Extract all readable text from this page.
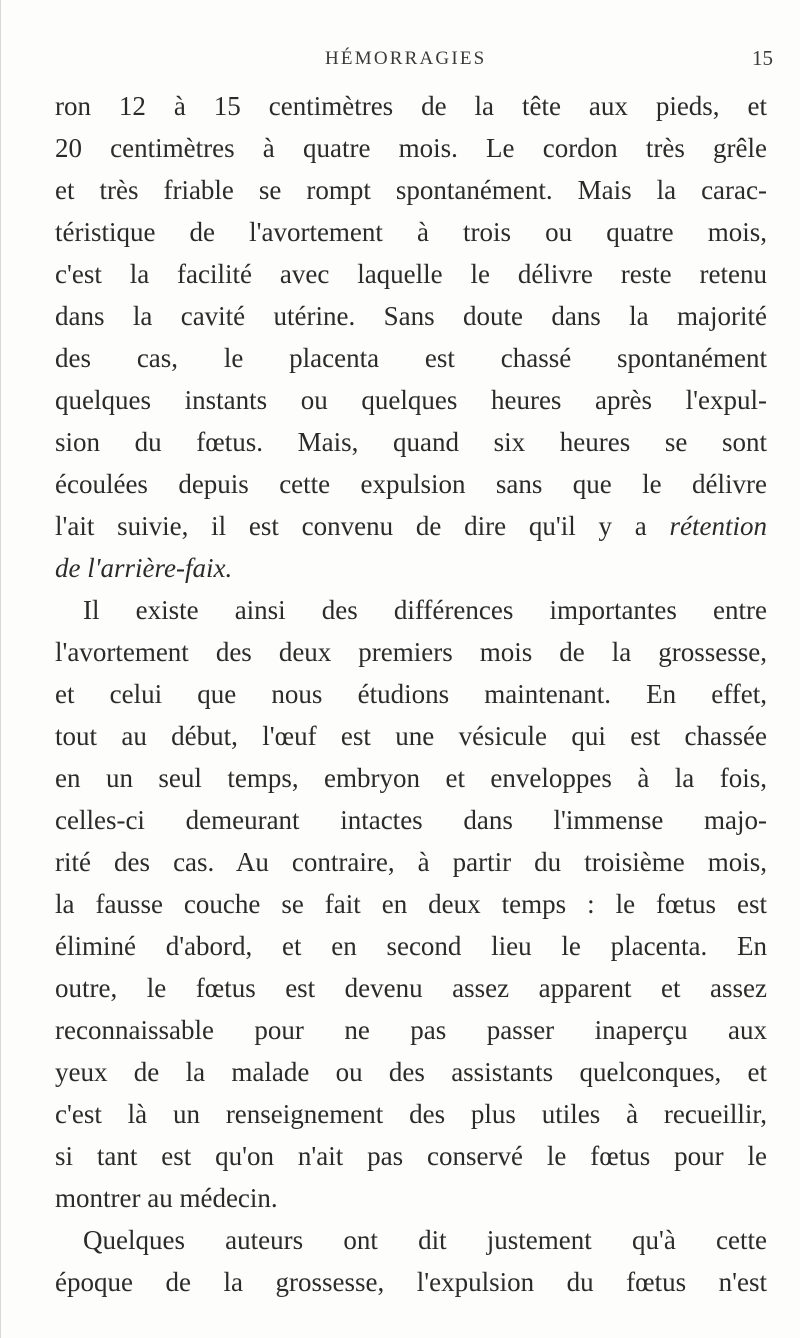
HÉMORRAGIES	15
ron 12 à 15 centimètres de la tête aux pieds, et
20 centimètres à quatre mois. Le cordon très grêle
et très friable se rompt spontanément. Mais la carac-
téristique de l'avortement à trois ou quatre mois,
c'est la facilité avec laquelle le délivre reste retenu
dans la cavité utérine. Sans doute dans la majorité
des cas, le placenta est chassé spontanément
quelques instants ou quelques heures après l'expul-
sion du fœtus. Mais, quand six heures se sont
écoulées depuis cette expulsion sans que le délivre
l'ait suivie, il est convenu de dire qu'il y a rétention
de l'arrière-faix.
Il existe ainsi des différences importantes entre
l'avortement des deux premiers mois de la grossesse,
et celui que nous étudions maintenant. En effet,
tout au début, l'œuf est une vésicule qui est chassée
en un seul temps, embryon et enveloppes à la fois,
celles-ci demeurant intactes dans l'immense majo-
rité des cas. Au contraire, à partir du troisième mois,
la fausse couche se fait en deux temps : le fœtus est
éliminé d'abord, et en second lieu le placenta. En
outre, le fœtus est devenu assez apparent et assez
reconnaissable pour ne pas passer inaperçu aux
yeux de la malade ou des assistants quelconques, et
c'est là un renseignement des plus utiles à recueillir,
si tant est qu'on n'ait pas conservé le fœtus pour le
montrer au médecin.
Quelques auteurs ont dit justement qu'à cette
époque de la grossesse, l'expulsion du fœtus n'est
